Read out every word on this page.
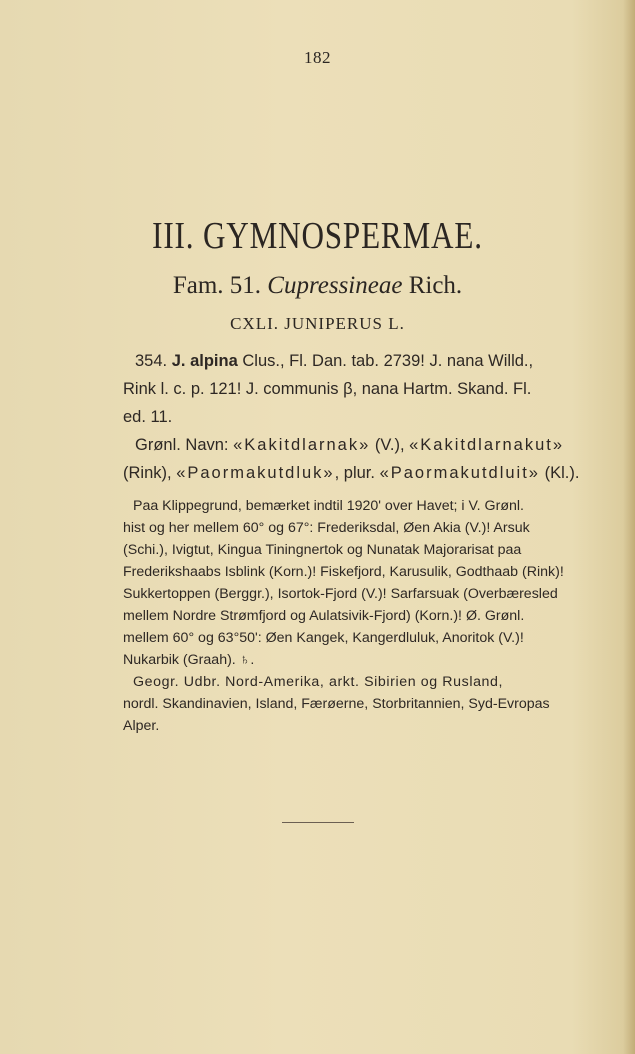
182
III. GYMNOSPERMAE.
Fam. 51. Cupressineae Rich.
CXLI. JUNIPERUS L.
354. J. alpina Clus., Fl. Dan. tab. 2739! J. nana Willd.,
Rink l. c. p. 121! J. communis β, nana Hartm. Skand. Fl.
ed. 11.
Grønl. Navn: «Kakitdlarnak» (V.), «Kakitdlarnakut»
(Rink), «Paormakutdluk», plur. «Paormakutdluit» (Kl.).
Paa Klippegrund, bemærket indtil 1920' over Havet; i V. Grønl.
hist og her mellem 60° og 67°: Frederiksdal, Øen Akia (V.)! Arsuk
(Schi.), Ivigtut, Kingua Tiningnertok og Nunatak Majorarisat paa
Frederikshaabs Isblink (Korn.)! Fiskefjord, Karusulik, Godthaab (Rink)!
Sukkertoppen (Berggr.), Isortok-Fjord (V.)! Sarfarsuak (Overbæresled
mellem Nordre Strømfjord og Aulatsivik-Fjord) (Korn.)! Ø. Grønl.
mellem 60° og 63°50': Øen Kangek, Kangerdluluk, Anoritok (V.)!
Nukarbik (Graah). ♄.
Geogr. Udbr. Nord-Amerika, arkt. Sibirien og Rusland,
nordl. Skandinavien, Island, Færøerne, Storbritannien, Syd-Evropas
Alper.
